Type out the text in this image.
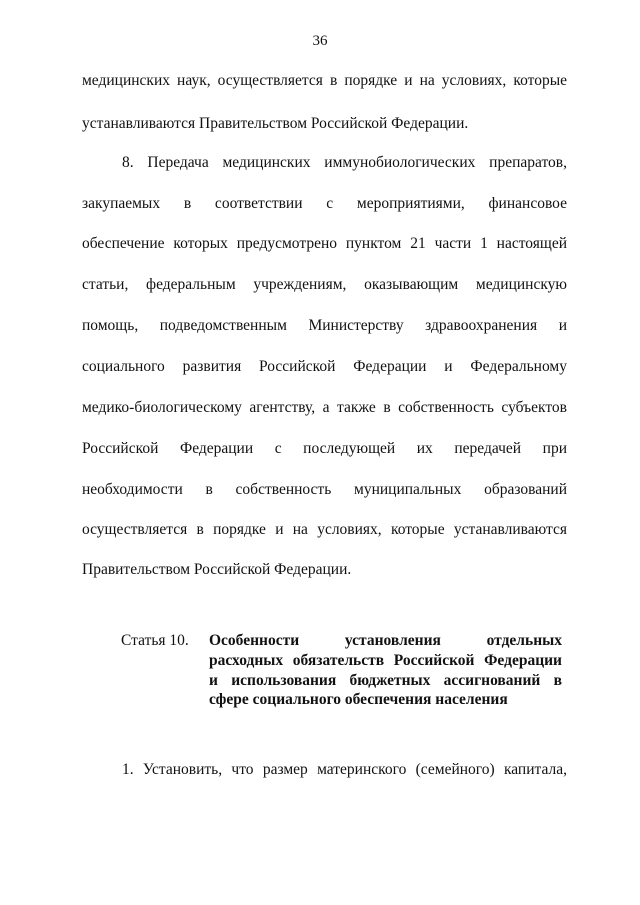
36
медицинских наук, осуществляется в порядке и на условиях, которые
устанавливаются Правительством Российской Федерации.
8. Передача медицинских иммунобиологических препаратов,
закупаемых в соответствии с мероприятиями, финансовое
обеспечение которых предусмотрено пунктом 21 части 1 настоящей
статьи, федеральным учреждениям, оказывающим медицинскую
помощь, подведомственным Министерству здравоохранения и
социального развития Российской Федерации и Федеральному
медико-биологическому агентству, а также в собственность субъектов
Российской Федерации с последующей их передачей при
необходимости в собственность муниципальных образований
осуществляется в порядке и на условиях, которые устанавливаются
Правительством Российской Федерации.
Статья 10. Особенности установления отдельных
расходных обязательств Российской Федерации
и использования бюджетных ассигнований в
сфере социального обеспечения населения
1. Установить, что размер материнского (семейного) капитала,
